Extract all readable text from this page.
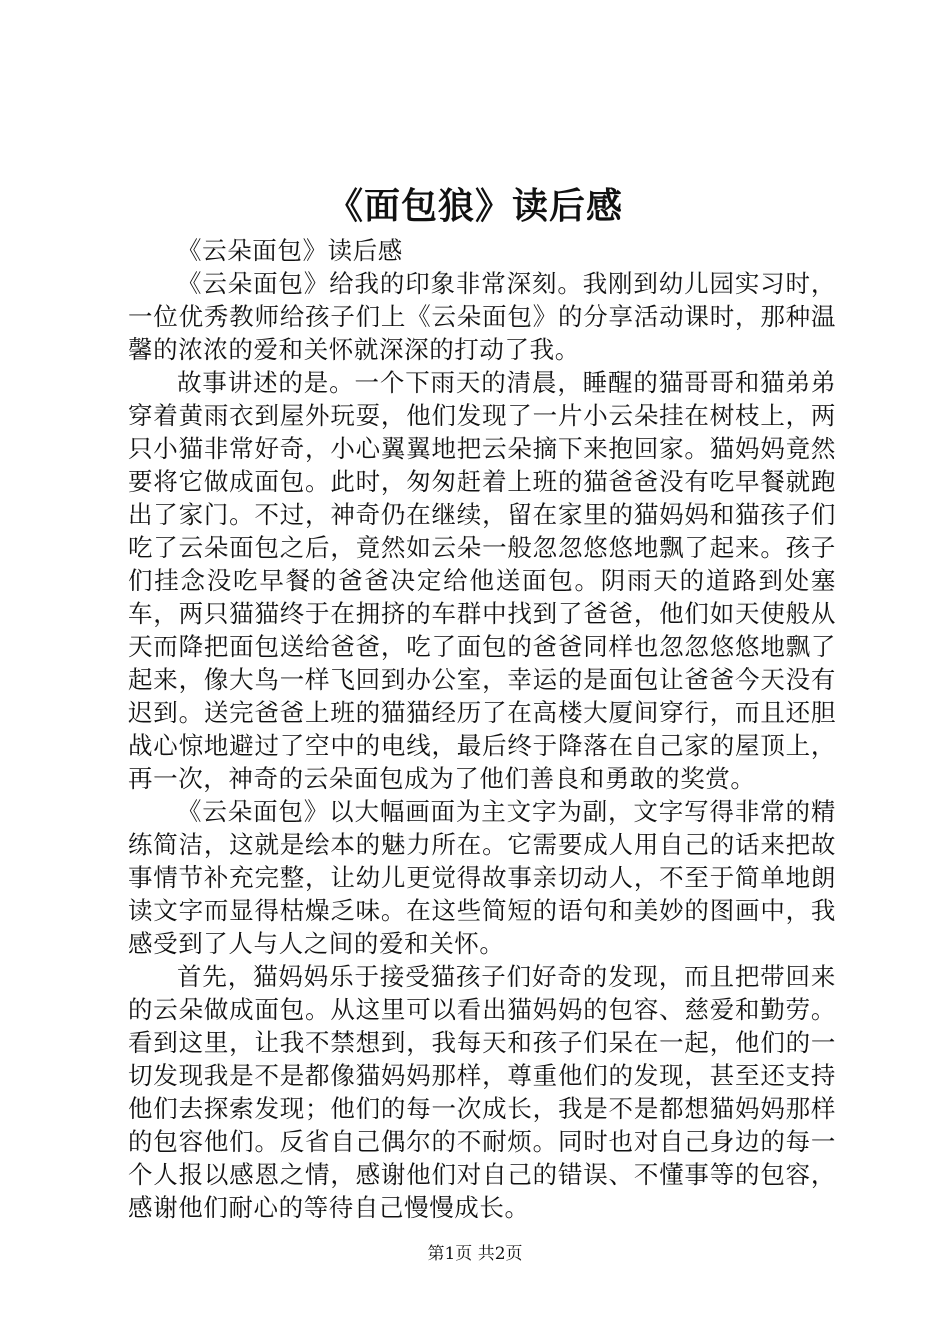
《面包狼》读后感

《云朵面包》读后感

《云朵面包》给我的印象非常深刻。我刚到幼儿园实习时，一位优秀教师给孩子们上《云朵面包》的分享活动课时，那种温馨的浓浓的爱和关怀就深深的打动了我。

故事讲述的是。一个下雨天的清晨，睡醒的猫哥哥和猫弟弟穿着黄雨衣到屋外玩耍，他们发现了一片小云朵挂在树枝上，两只小猫非常好奇，小心翼翼地把云朵摘下来抱回家。猫妈妈竟然要将它做成面包。此时，匆匆赶着上班的猫爸爸没有吃早餐就跑出了家门。不过，神奇仍在继续，留在家里的猫妈妈和猫孩子们吃了云朵面包之后，竟然如云朵一般忽忽悠悠地飘了起来。孩子们挂念没吃早餐的爸爸决定给他送面包。阴雨天的道路到处塞车，两只猫猫终于在拥挤的车群中找到了爸爸，他们如天使般从天而降把面包送给爸爸，吃了面包的爸爸同样也忽忽悠悠地飘了起来，像大鸟一样飞回到办公室，幸运的是面包让爸爸今天没有迟到。送完爸爸上班的猫猫经历了在高楼大厦间穿行，而且还胆战心惊地避过了空中的电线，最后终于降落在自己家的屋顶上，再一次，神奇的云朵面包成为了他们善良和勇敢的奖赏。

《云朵面包》以大幅画面为主文字为副，文字写得非常的精练简洁，这就是绘本的魅力所在。它需要成人用自己的话来把故事情节补充完整，让幼儿更觉得故事亲切动人，不至于简单地朗读文字而显得枯燥乏味。在这些简短的语句和美妙的图画中，我感受到了人与人之间的爱和关怀。

首先，猫妈妈乐于接受猫孩子们好奇的发现，而且把带回来的云朵做成面包。从这里可以看出猫妈妈的包容、慈爱和勤劳。看到这里，让我不禁想到，我每天和孩子们呆在一起，他们的一切发现我是不是都像猫妈妈那样，尊重他们的发现，甚至还支持他们去探索发现；他们的每一次成长，我是不是都想猫妈妈那样的包容他们。反省自己偶尔的不耐烦。同时也对自己身边的每一个人报以感恩之情，感谢他们对自己的错误、不懂事等的包容，感谢他们耐心的等待自己慢慢成长。

第1页 共2页
